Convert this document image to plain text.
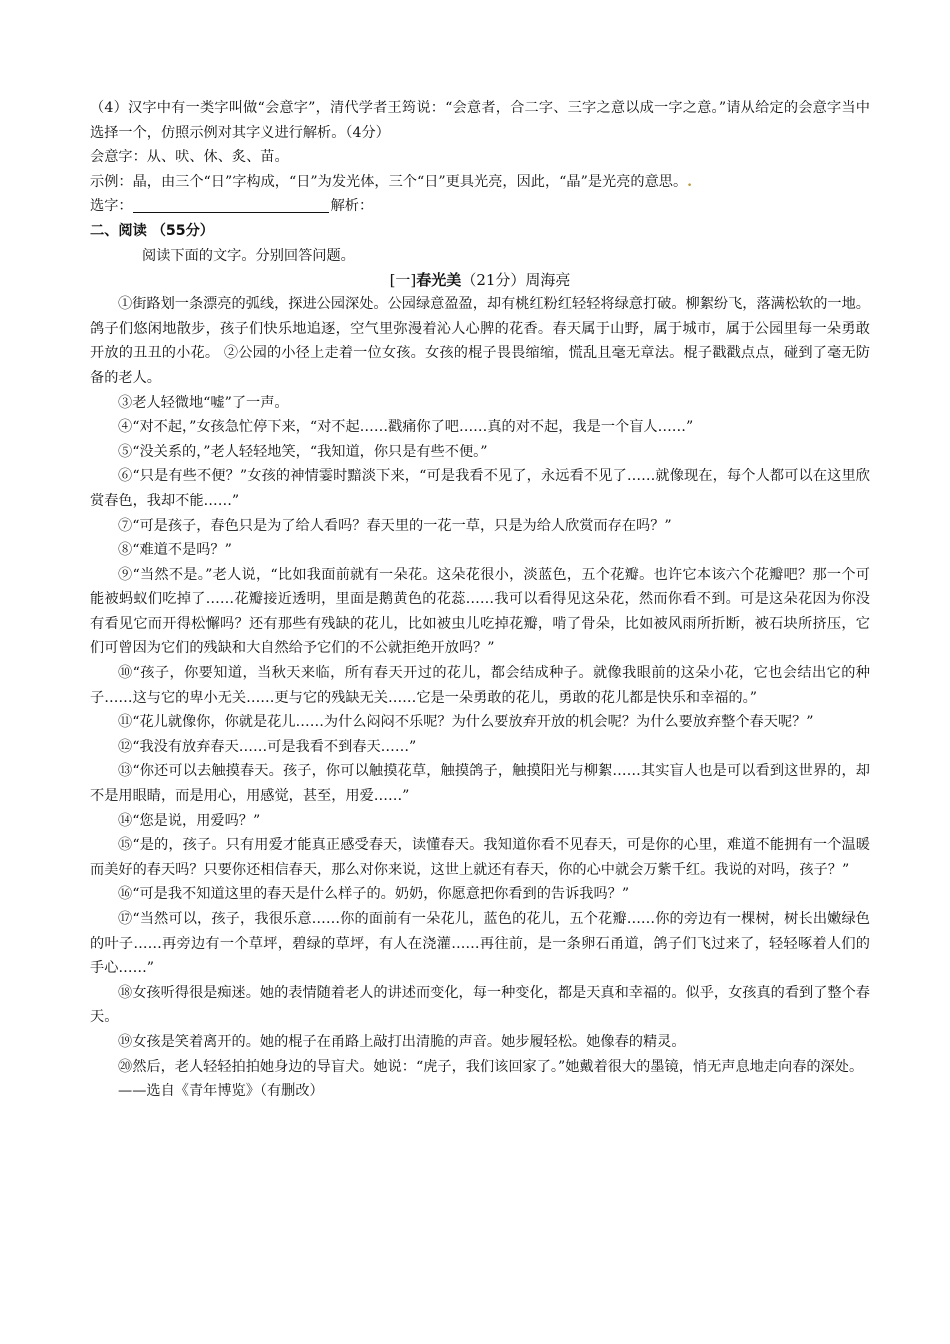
（4）汉字中有一类字叫做“会意字”，清代学者王筠说：“会意者，合二字、三字之意以成一字之意。”请从给定的会意字当中选择一个，仿照示例对其字义进行解析。（4分）

会意字：从、吠、休、炙、苗。

示例：晶，由三个“日”字构成，“日”为发光体，三个“日”更具光亮，因此，“晶”是光亮的意思。.

选字：	解析：

二、阅读 （55分）

阅读下面的文字。分别回答问题。

[一]春光美（21分）周海亮

①街路划一条漂亮的弧线，探进公园深处。公园绿意盈盈，却有桃红粉红轻轻将绿意打破。柳絮纷飞，落满松软的一地。鸽子们悠闲地散步，孩子们快乐地追逐，空气里弥漫着沁人心脾的花香。春天属于山野，属于城市，属于公园里每一朵勇敢开放的丑丑的小花。 ②公园的小径上走着一位女孩。女孩的棍子畏畏缩缩，慌乱且毫无章法。棍子戳戳点点，碰到了毫无防备的老人。

③老人轻微地“嘘”了一声。

④“对不起，”女孩急忙停下来，“对不起……戳痛你了吧……真的对不起，我是一个盲人……”

⑤“没关系的，”老人轻轻地笑，“我知道，你只是有些不便。”

⑥“只是有些不便？”女孩的神情霎时黯淡下来，“可是我看不见了，永远看不见了……就像现在，每个人都可以在这里欣赏春色，我却不能……”

⑦“可是孩子，春色只是为了给人看吗？春天里的一花一草，只是为给人欣赏而存在吗？”

⑧“难道不是吗？”

⑨“当然不是。”老人说，“比如我面前就有一朵花。这朵花很小，淡蓝色，五个花瓣。也许它本该六个花瓣吧？那一个可能被蚂蚁们吃掉了……花瓣接近透明，里面是鹅黄色的花蕊……我可以看得见这朵花，然而你看不到。可是这朵花因为你没有看见它而开得松懈吗？还有那些有残缺的花儿，比如被虫儿吃掉花瓣，啃了骨朵，比如被风雨所折断，被石块所挤压，它们可曾因为它们的残缺和大自然给予它们的不公就拒绝开放吗？”

⑩“孩子，你要知道，当秋天来临，所有春天开过的花儿，都会结成种子。就像我眼前的这朵小花，它也会结出它的种子……这与它的卑小无关……更与它的残缺无关……它是一朵勇敢的花儿，勇敢的花儿都是快乐和幸福的。”

⑪“花儿就像你，你就是花儿……为什么闷闷不乐呢？为什么要放弃开放的机会呢？为什么要放弃整个春天呢？”

⑫“我没有放弃春天……可是我看不到春天……”

⑬“你还可以去触摸春天。孩子，你可以触摸花草，触摸鸽子，触摸阳光与柳絮……其实盲人也是可以看到这世界的，却不是用眼睛，而是用心，用感觉，甚至，用爱……”

⑭“您是说，用爱吗？”

⑮“是的，孩子。只有用爱才能真正感受春天，读懂春天。我知道你看不见春天，可是你的心里，难道不能拥有一个温暖而美好的春天吗？只要你还相信春天，那么对你来说，这世上就还有春天，你的心中就会万紫千红。我说的对吗，孩子？”

⑯“可是我不知道这里的春天是什么样子的。奶奶，你愿意把你看到的告诉我吗？”

⑰“当然可以，孩子，我很乐意……你的面前有一朵花儿，蓝色的花儿，五个花瓣……你的旁边有一棵树，树长出嫩绿色的叶子……再旁边有一个草坪，碧绿的草坪，有人在浇灌……再往前，是一条卵石甬道，鸽子们飞过来了，轻轻啄着人们的手心……”

⑱女孩听得很是痴迷。她的表情随着老人的讲述而变化，每一种变化，都是天真和幸福的。似乎，女孩真的看到了整个春天。

⑲女孩是笑着离开的。她的棍子在甬路上敲打出清脆的声音。她步履轻松。她像春的精灵。

⑳然后，老人轻轻拍拍她身边的导盲犬。她说：“虎子，我们该回家了。”她戴着很大的墨镜，悄无声息地走向春的深处。

——选自《青年博览》（有删改）
